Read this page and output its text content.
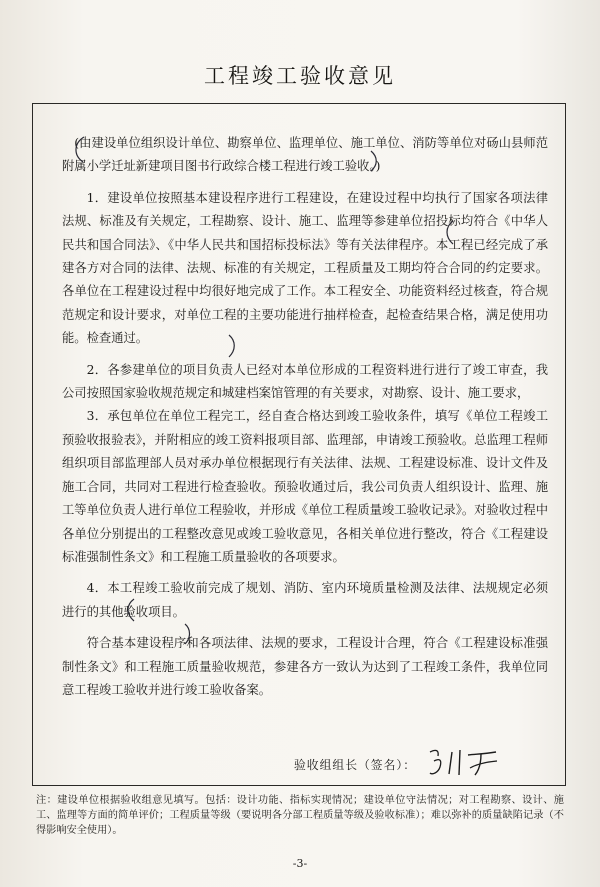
工程竣工验收意见

(由建设单位组织设计单位、勘察单位、监理单位、施工单位、消防等单位对砀山县师范附属小学迁址新建项目图书行政综合楼工程进行竣工验收。)

1．建设单位按照基本建设程序进行工程建设，在建设过程中均执行了国家各项法律法规、标准及有关规定，工程勘察、设计、施工、监理等参建单位招投标均符合《中华人民共和国合同法》、《中华人民共和国招标投标法》等有关法律程序。本工程已经完成了承建各方对合同的法律、法规、标准的有关规定，工程质量及工期均符合合同的约定要求。各单位在工程建设过程中均很好地完成了工作。本工程安全、功能资料经过核查，符合规范规定和设计要求，对单位工程的主要功能进行抽样检查，起检查结果合格，满足使用功能。检查通过。

2．各参建单位的项目负责人已经对本单位形成的工程资料进行进行了竣工审查，我公司按照国家验收规范规定和城建档案馆管理的有关要求，对勘察、设计、施工要求，

3．承包单位在单位工程完工，经自查合格达到竣工验收条件，填写《单位工程竣工预验收报验表》，并附相应的竣工资料报项目部、监理部，申请竣工预验收。总监理工程师组织项目部监理部人员对承办单位根据现行有关法律、法规、工程建设标准、设计文件及施工合同，共同对工程进行检查验收。预验收通过后，我公司负责人组织设计、监理、施工等单位负责人进行单位工程验收，并形成《单位工程质量竣工验收记录》。对验收过程中各单位分别提出的工程整改意见或竣工验收意见，各相关单位进行整改，符合《工程建设标准强制性条文》和工程施工质量验收的各项要求。

4．本工程竣工验收前完成了规划、消防、室内环境质量检测及法律、法规规定必须进行的其他验收项目。

符合基本建设程序和各项法律、法规的要求，工程设计合理，符合《工程建设标准强制性条文》和工程施工质量验收规范，参建各方一致认为达到了工程竣工条件，我单位同意工程竣工验收并进行竣工验收备案。

验收组组长（签名）：
注：建设单位根据验收组意见填写。包括：设计功能、指标实现情况；建设单位守法情况；对工程勘察、设计、施工、监理等方面的简单评价；工程质量等级（要说明各分部工程质量等级及验收标准）；难以弥补的质量缺陷记录（不得影响安全使用）。
-3-
